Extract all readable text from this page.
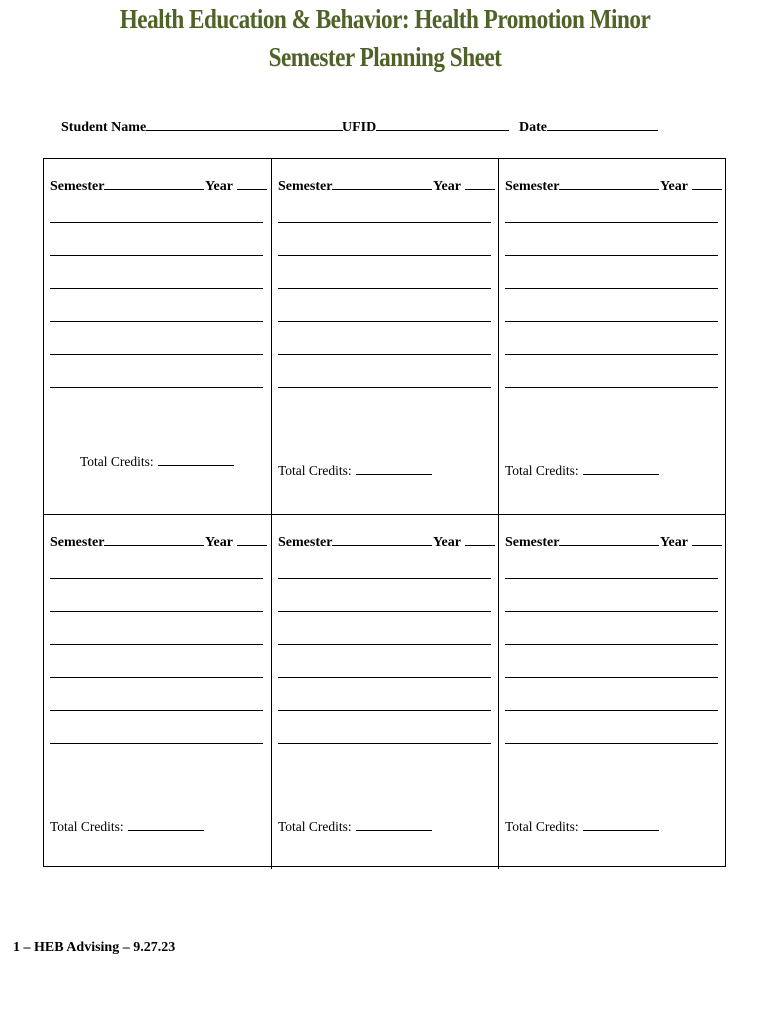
Health Education & Behavior: Health Promotion Minor
Semester Planning Sheet
Student Name	UFID	Date
Semester	Year
Total Credits:
Semester	Year
Total Credits:
Semester	Year
Total Credits:
Semester	Year
Total Credits:
Semester	Year
Total Credits:
Semester	Year
Total Credits:
1 – HEB Advising – 9.27.23
